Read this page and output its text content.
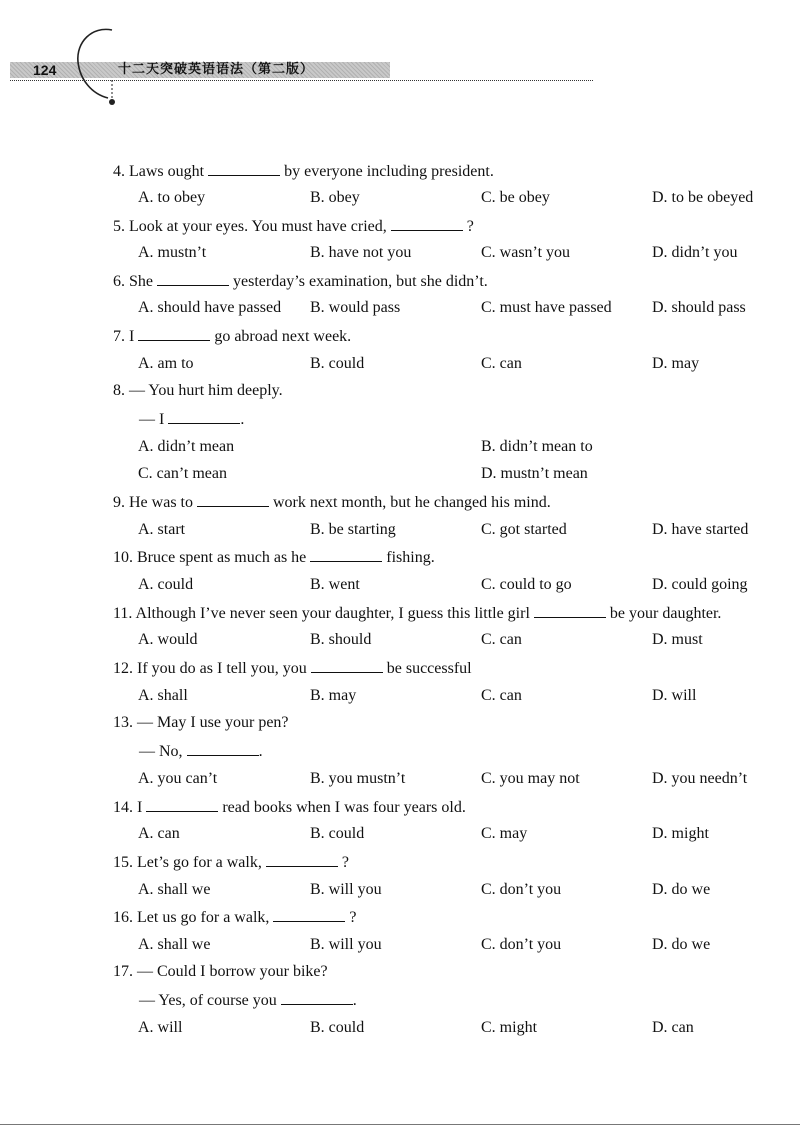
124	十二天突破英语语法（第二版）
4. Laws ought	by everyone including president.
A. to obey	B. obey	C. be obey	D. to be obeyed
5. Look at your eyes. You must have cried,	?
A. mustn’t	B. have not you	C. wasn’t you	D. didn’t you
6. She	yesterday’s examination, but she didn’t.
A. should have passed B. would pass	C. must have passed	D. should pass
7. I	go abroad next week.
A. am to	B. could	C. can	D. may
8. — You hurt him deeply.
— I	.
A. didn’t mean	B. didn’t mean to
C. can’t mean	D. mustn’t mean
9. He was to	work next month, but he changed his mind.
A. start	B. be starting	C. got started	D. have started
10. Bruce spent as much as he	fishing.
A. could	B. went	C. could to go	D. could going
11. Although I’ve never seen your daughter, I guess this little girl	be your daughter.
A. would	B. should	C. can	D. must
12. If you do as I tell you, you	be successful
A. shall	B. may	C. can	D. will
13. — May I use your pen?
— No,	.
A. you can’t	B. you mustn’t	C. you may not	D. you needn’t
14. I	read books when I was four years old.
A. can	B. could	C. may	D. might
15. Let’s go for a walk,	?
A. shall we	B. will you	C. don’t you	D. do we
16. Let us go for a walk,	?
A. shall we	B. will you	C. don’t you	D. do we
17. — Could I borrow your bike?
— Yes, of course you	.
A. will	B. could	C. might	D. can
